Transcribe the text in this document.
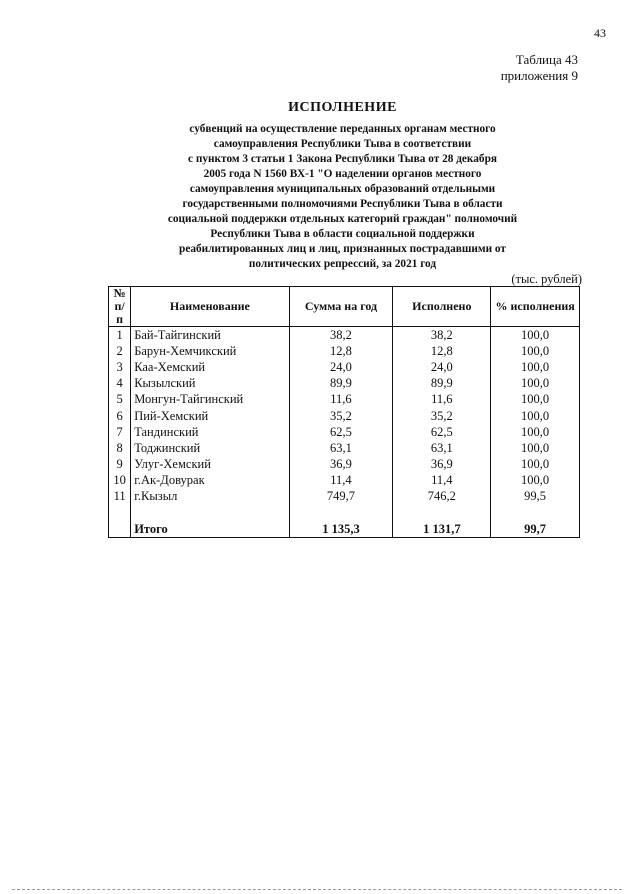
43
Таблица 43
приложения 9
ИСПОЛНЕНИЕ
субвенций на осуществление переданных органам местного
самоуправления Республики Тыва в соответствии
с пунктом 3 статьи 1 Закона Республики Тыва от 28 декабря
2005 года N 1560 ВХ-1 "О наделении органов местного
самоуправления муниципальных образований отдельными
государственными полномочиями Республики Тыва в области
социальной поддержки отдельных категорий граждан" полномочий
Республики Тыва в области социальной поддержки
реабилитированных лиц и лиц, признанных пострадавшими от
политических репрессий, за 2021 год
(тыс. рублей)
№ п/п	Наименование	Сумма на год	Исполнено	% исполнения
1	Бай-Тайгинский	38,2	38,2	100,0
2	Барун-Хемчикский	12,8	12,8	100,0
3	Каа-Хемский	24,0	24,0	100,0
4	Кызылский	89,9	89,9	100,0
5	Монгун-Тайгинский	11,6	11,6	100,0
6	Пий-Хемский	35,2	35,2	100,0
7	Тандинский	62,5	62,5	100,0
8	Тоджинский	63,1	63,1	100,0
9	Улуг-Хемский	36,9	36,9	100,0
10	г.Ак-Довурак	11,4	11,4	100,0
11	г.Кызыл	749,7	746,2	99,5

	Итого	1 135,3	1 131,7	99,7
